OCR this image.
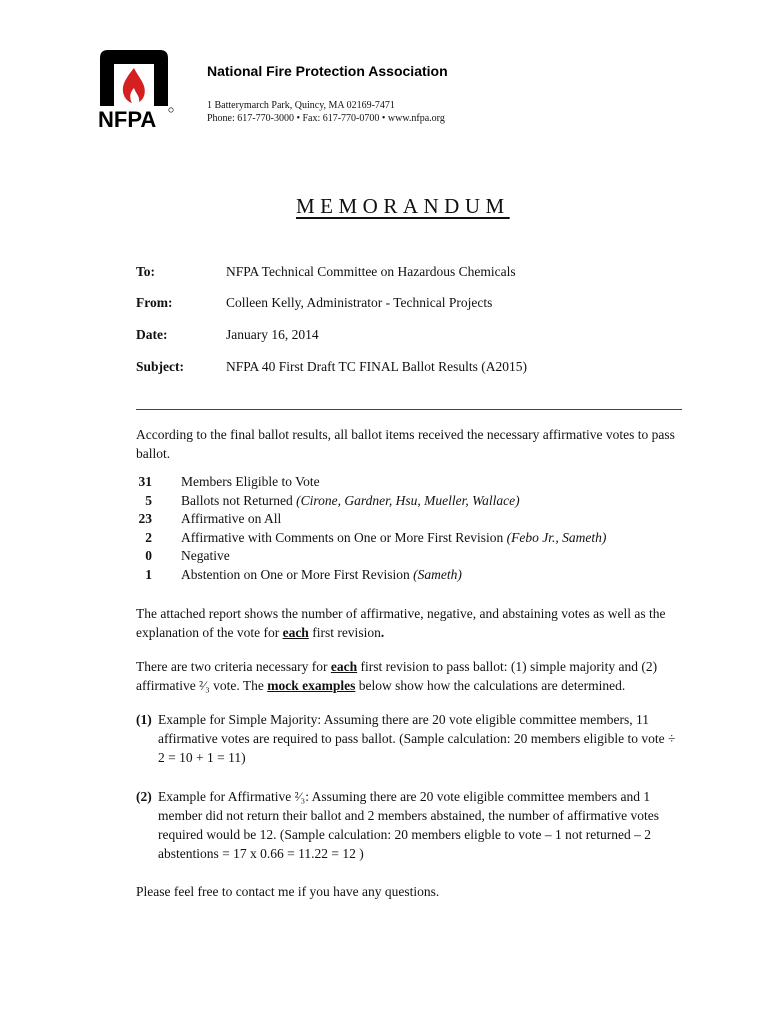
NFPA
National Fire Protection Association
1 Batterymarch Park, Quincy, MA 02169-7471
Phone: 617-770-3000 • Fax: 617-770-0700 • www.nfpa.org
MEMORANDUM
To:	NFPA Technical Committee on Hazardous Chemicals
From:	Colleen Kelly, Administrator - Technical Projects
Date:	January 16, 2014
Subject:	NFPA 40 First Draft TC FINAL Ballot Results (A2015)
According to the final ballot results, all ballot items received the necessary affirmative votes to pass ballot.
31 Members Eligible to Vote
5 Ballots not Returned (Cirone, Gardner, Hsu, Mueller, Wallace)
23 Affirmative on All
2 Affirmative with Comments on One or More First Revision (Febo Jr., Sameth)
0 Negative
1 Abstention on One or More First Revision (Sameth)
The attached report shows the number of affirmative, negative, and abstaining votes as well as the explanation of the vote for each first revision.
There are two criteria necessary for each first revision to pass ballot: (1) simple majority and (2) affirmative ²⁄₃ vote. The mock examples below show how the calculations are determined.
(1) Example for Simple Majority: Assuming there are 20 vote eligible committee members, 11 affirmative votes are required to pass ballot. (Sample calculation: 20 members eligible to vote ÷ 2 = 10 + 1 = 11)
(2) Example for Affirmative ²⁄₃: Assuming there are 20 vote eligible committee members and 1 member did not return their ballot and 2 members abstained, the number of affirmative votes required would be 12. (Sample calculation: 20 members eligble to vote – 1 not returned – 2 abstentions = 17 x 0.66 = 11.22 = 12 )
Please feel free to contact me if you have any questions.
